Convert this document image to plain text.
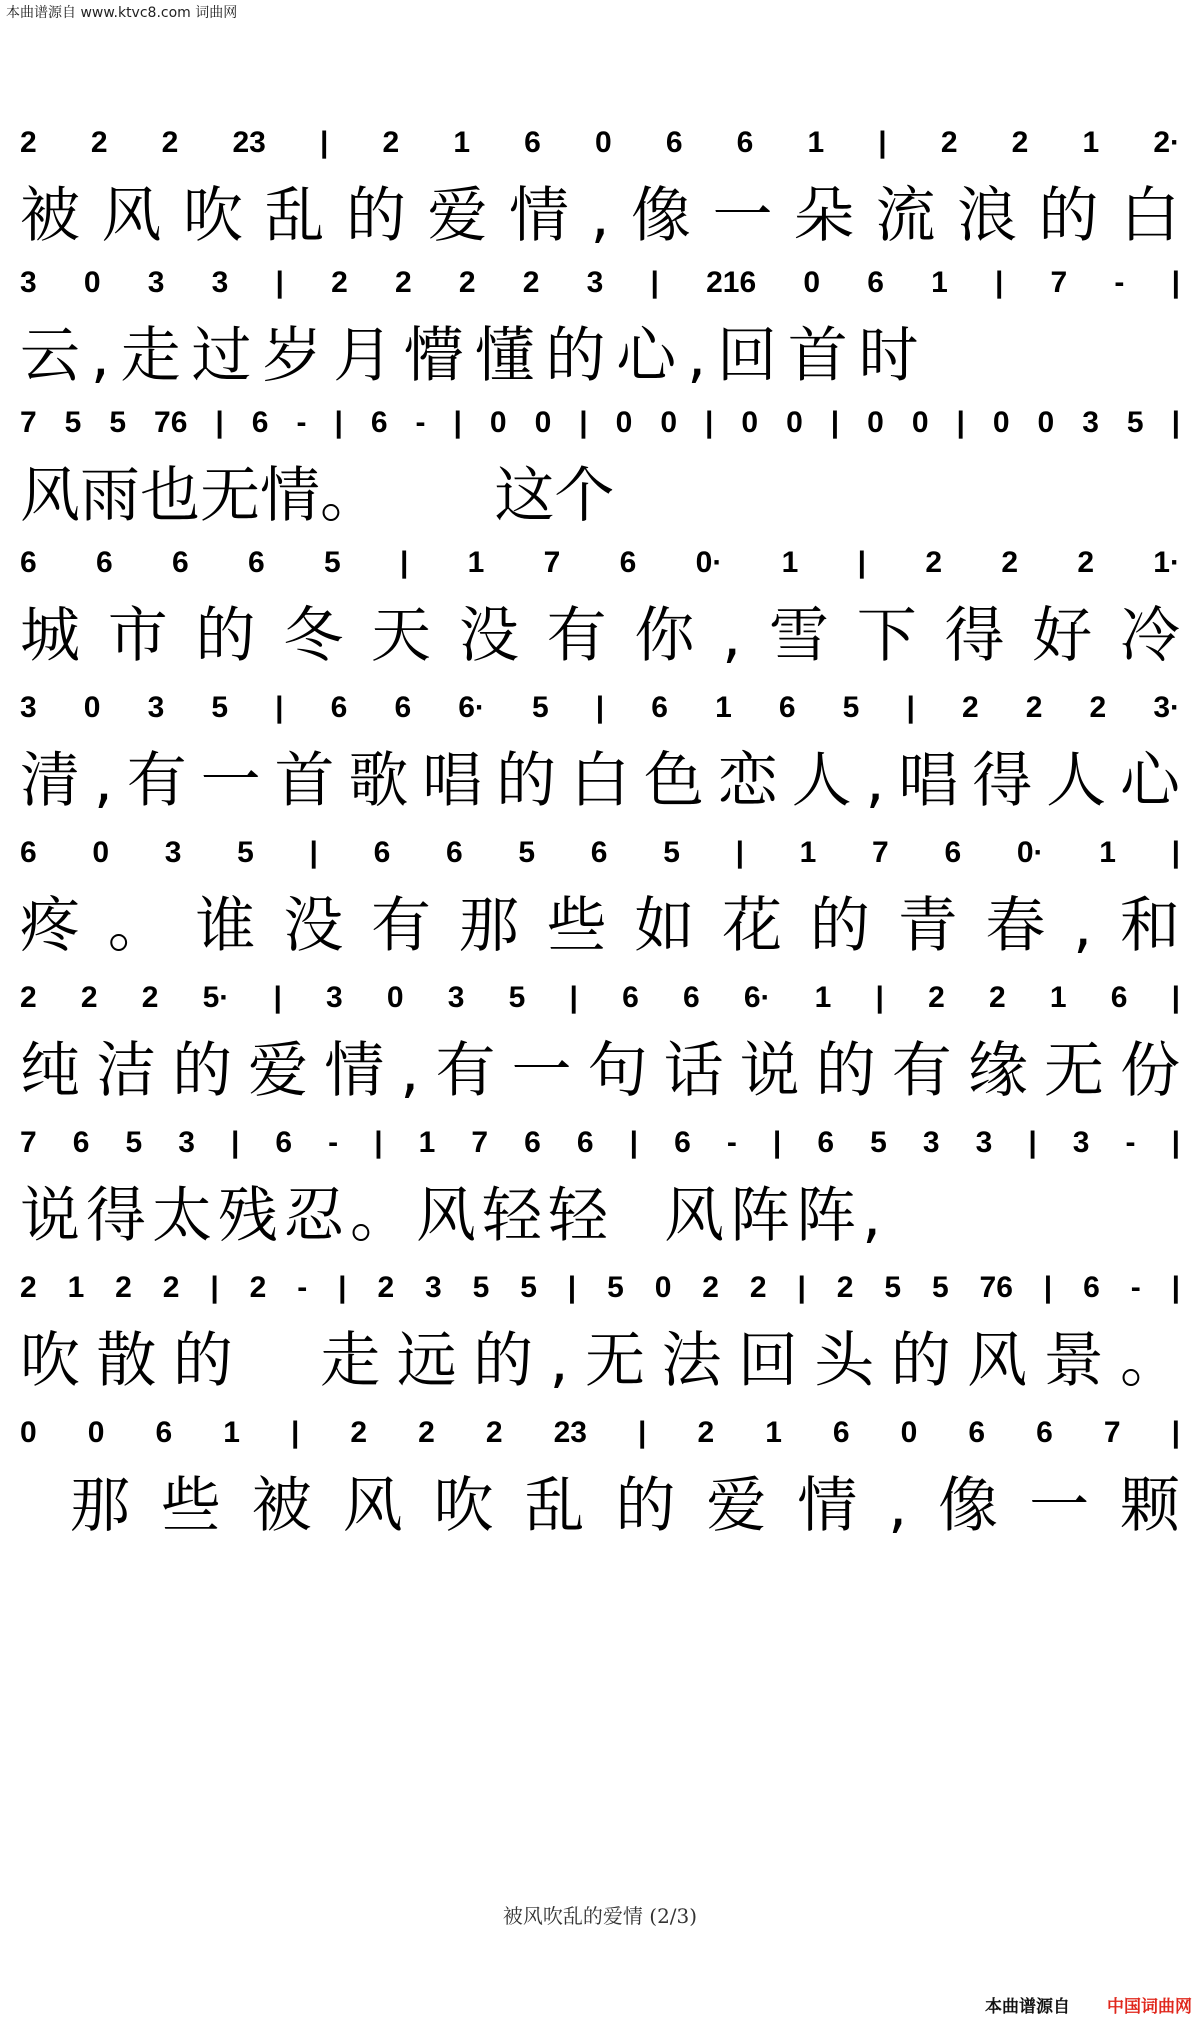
本曲谱源自 www.ktvc8.com 词曲网
2 2 2 23 | 2 1 6 0 6 6 1 | 2 2 1 2·
被风吹乱的爱情,像一朵流浪的白
3 0 3 3 | 2 2 2 2 3 | 216 0 6 1 | 7 - |
云,走过岁月懵懂的心,回首时
7 5 5 76 | 6 - | 6 - | 0 0 | 0 0 | 0 0 | 0 0 | 0 0 3 5 |
风雨也无情。      这个
6 6 6 6 5 | 1 7 6 0· 1 | 2 2 2 1·
城市的冬天没有你,雪下得好冷
3 0 3 5 | 6 6 6· 5 | 6 1 6 5 | 2 2 2 3·
清,有一首歌唱的白色恋人,唱得人心
6 0 3 5 | 6 6 5 6 5 | 1 7 6 0· 1 |
疼。谁没有那些如花的青春,和
2 2 2 5· | 3 0 3 5 | 6 6 6· 1 | 2 2 1 6 |
纯洁的爱情,有一句话说的有缘无份
7 6 5 3 | 6 - | 1 7 6 6 | 6 - | 6 5 3 3 | 3 - |
说得太残忍。风轻轻  风阵阵,
2 1 2 2 | 2 - | 2 3 5 5 | 5 0 2 2 | 2 5 5 76 | 6 - |
吹散的  走远的,无法回头的风景。
0 0 6 1 | 2 2 2 23 | 2 1 6 0 6 6 7 |
那些被风吹乱的爱情,像一颗
被风吹乱的爱情 (2/3)
本曲谱源自 中国词曲网
